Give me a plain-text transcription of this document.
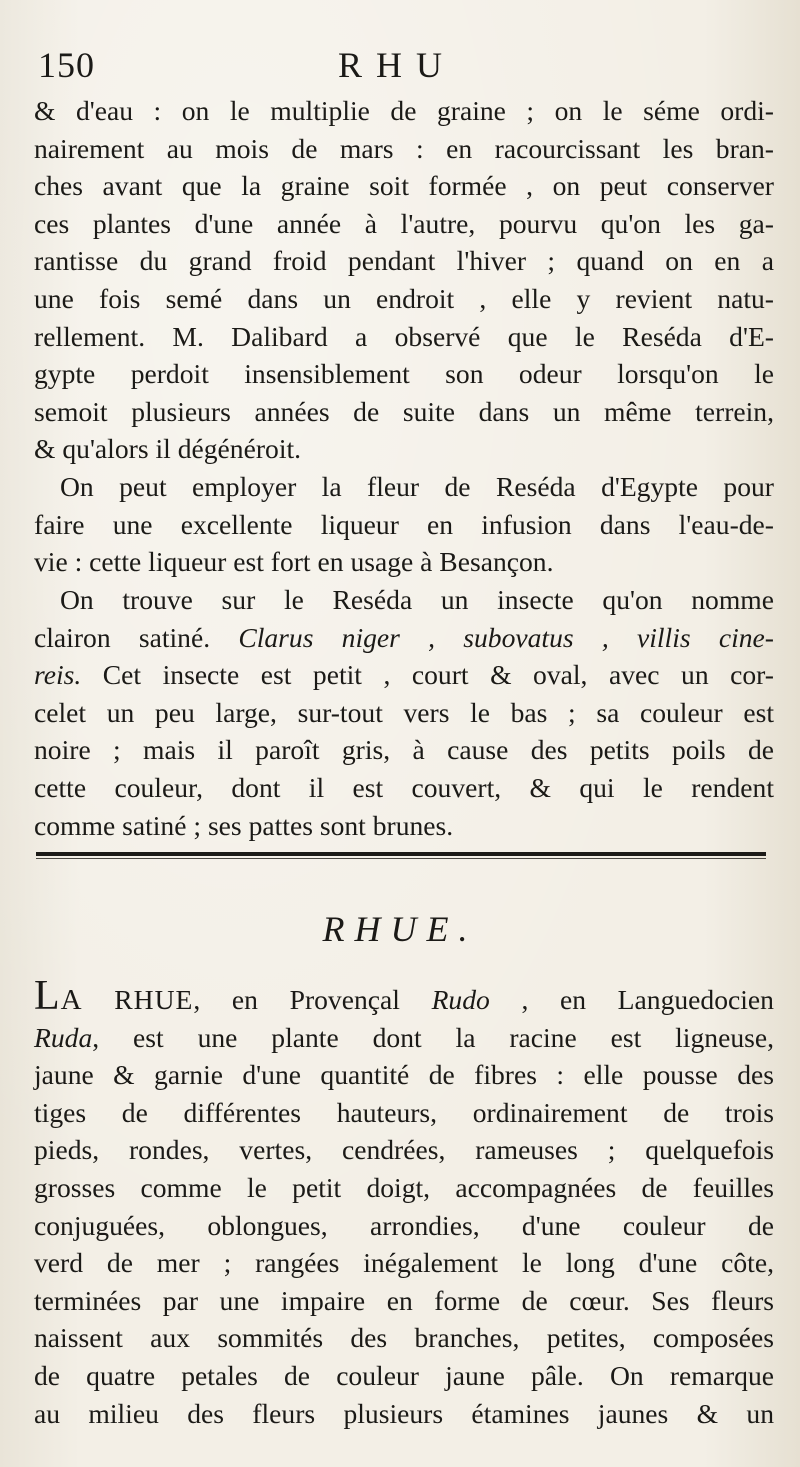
150	RHU
& d'eau : on le multiplie de graine ; on le séme ordi-
nairement au mois de mars : en racourcissant les bran-
ches avant que la graine soit formée , on peut conserver
ces plantes d'une année à l'autre, pourvu qu'on les ga-
rantisse du grand froid pendant l'hiver ; quand on en a
une fois semé dans un endroit , elle y revient natu-
rellement. M. Dalibard a observé que le Reséda d'E-
gypte perdoit insensiblement son odeur lorsqu'on le
semoit plusieurs années de suite dans un même terrein,
& qu'alors il dégénéroit.
On peut employer la fleur de Reséda d'Egypte pour
faire une excellente liqueur en infusion dans l'eau-de-
vie : cette liqueur est fort en usage à Besançon.
On trouve sur le Reséda un insecte qu'on nomme
clairon satiné. Clarus niger , subovatus , villis cine-
reis. Cet insecte est petit , court & oval, avec un cor-
celet un peu large, sur-tout vers le bas ; sa couleur est
noire ; mais il paroît gris, à cause des petits poils de
cette couleur, dont il est couvert, & qui le rendent
comme satiné ; ses pattes sont brunes.
RHUE.
La RHUE, en Provençal Rudo , en Languedocien
Ruda, est une plante dont la racine est ligneuse,
jaune & garnie d'une quantité de fibres : elle pousse des
tiges de différentes hauteurs, ordinairement de trois
pieds, rondes, vertes, cendrées, rameuses ; quelquefois
grosses comme le petit doigt, accompagnées de feuilles
conjuguées, oblongues, arrondies, d'une couleur de
verd de mer ; rangées inégalement le long d'une côte,
terminées par une impaire en forme de cœur. Ses fleurs
naissent aux sommités des branches, petites, composées
de quatre petales de couleur jaune pâle. On remarque
au milieu des fleurs plusieurs étamines jaunes & un
